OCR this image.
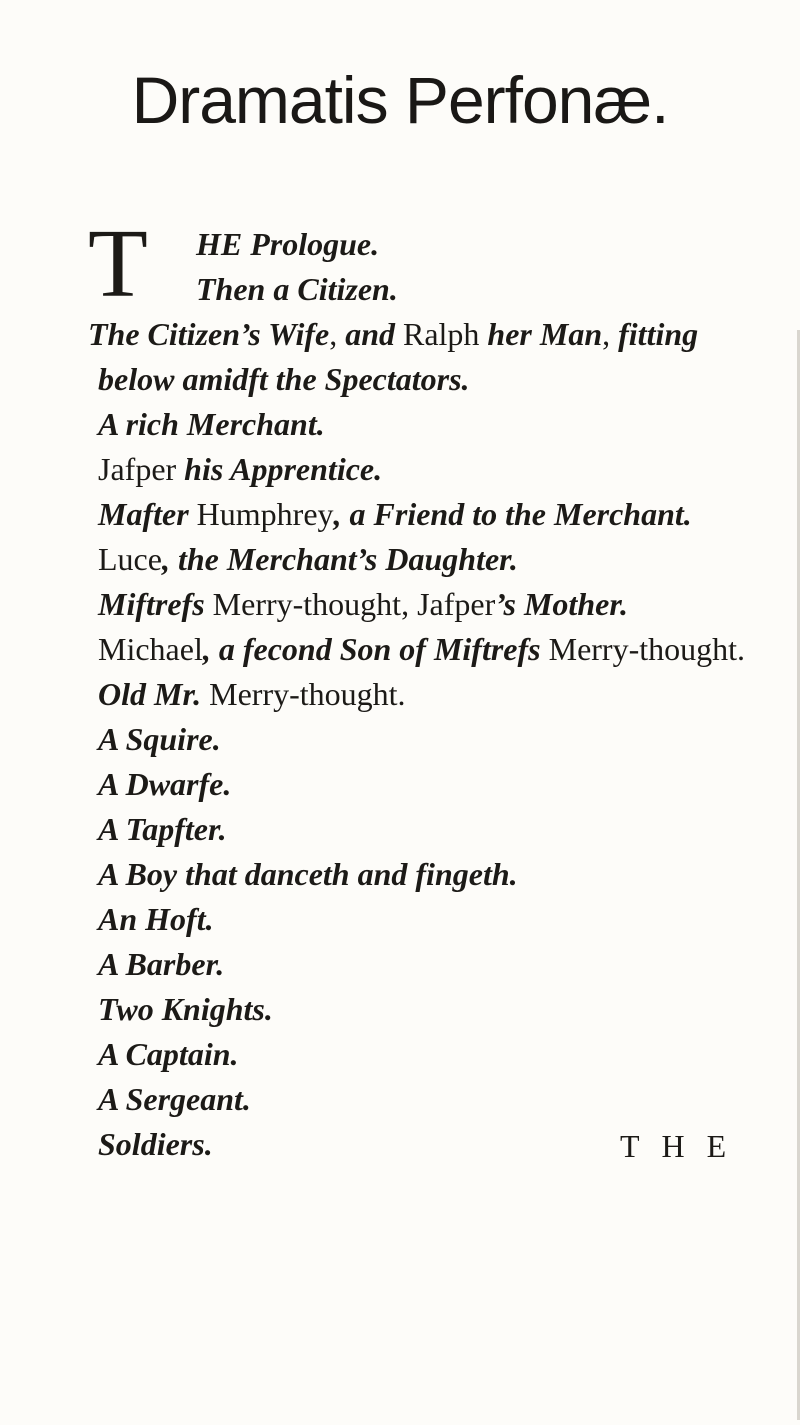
Dramatis Perfonæ.
T	HE Prologue.
Then a Citizen.
The Citizen’s Wife, and Ralph her Man, fitting
below amidft the Spectators.
A rich Merchant.
Jafper his Apprentice.
Mafter Humphrey, a Friend to the Merchant.
Luce, the Merchant’s Daughter.
Miftrefs Merry-thought, Jafper’s Mother.
Michael, a fecond Son of Miftrefs Merry-thought.
Old Mr. Merry-thought.
A Squire.
A Dwarfe.
A Tapfter.
A Boy that danceth and fingeth.
An Hoft.
A Barber.
Two Knights.
A Captain.
A Sergeant.
Soldiers.	THE
